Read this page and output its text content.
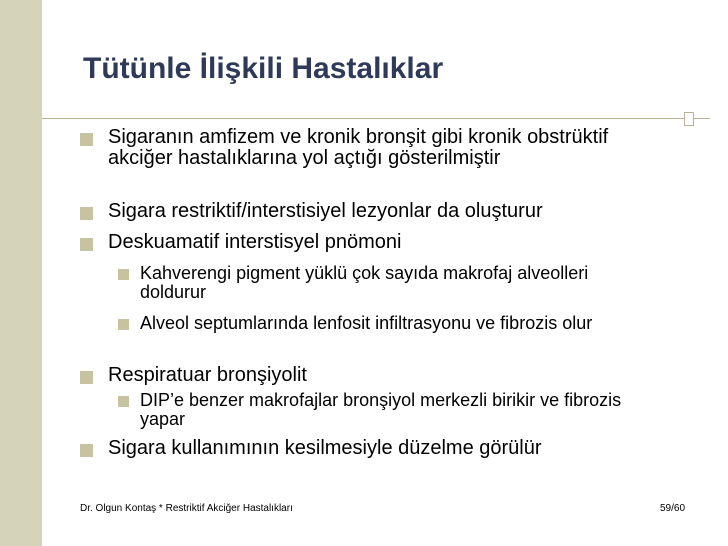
Tütünle İlişkili Hastalıklar
Sigaranın amfizem ve kronik bronşit gibi kronik obstrüktif akciğer hastalıklarına yol açtığı gösterilmiştir
Sigara restriktif/interstisiyel lezyonlar da oluşturur
Deskuamatif interstisyel pnömoni
Kahverengi pigment yüklü çok sayıda makrofaj alveolleri doldurur
Alveol septumlarında lenfosit infiltrasyonu ve fibrozis olur
Respiratuar bronşiyolit
DIP’e benzer makrofajlar bronşiyol merkezli birikir ve fibrozis yapar
Sigara kullanımının kesilmesiyle düzelme görülür
Dr. Olgun Kontaş * Restriktif Akciğer Hastalıkları	59/60
